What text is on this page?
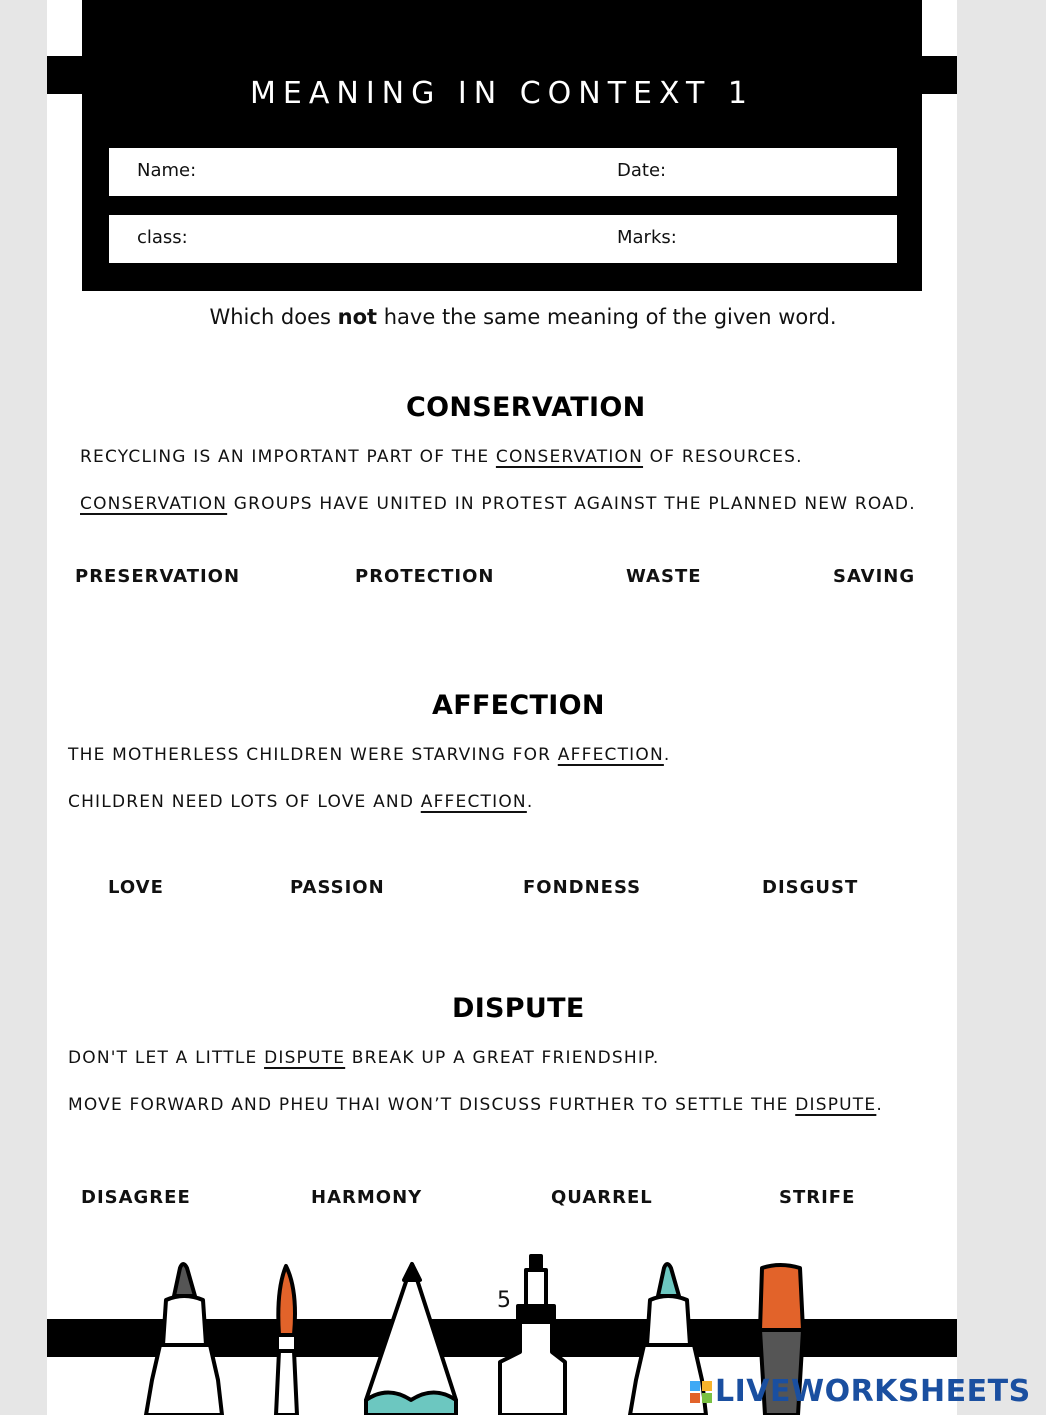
MEANING IN CONTEXT 1
Name:	Date:
class:	Marks:
Which does not have the same meaning of the given word.
CONSERVATION
RECYCLING IS AN IMPORTANT PART OF THE CONSERVATION OF RESOURCES.
CONSERVATION GROUPS HAVE UNITED IN PROTEST AGAINST THE PLANNED NEW ROAD.
PRESERVATION	PROTECTION	WASTE	SAVING
AFFECTION
THE MOTHERLESS CHILDREN WERE STARVING FOR AFFECTION.
CHILDREN NEED LOTS OF LOVE AND AFFECTION.
LOVE	PASSION	FONDNESS	DISGUST
DISPUTE
DON'T LET A LITTLE DISPUTE BREAK UP A GREAT FRIENDSHIP.
MOVE FORWARD AND PHEU THAI WON’T DISCUSS FURTHER TO SETTLE THE DISPUTE.
DISAGREE	HARMONY	QUARREL	STRIFE
5
LIVEWORKSHEETS
